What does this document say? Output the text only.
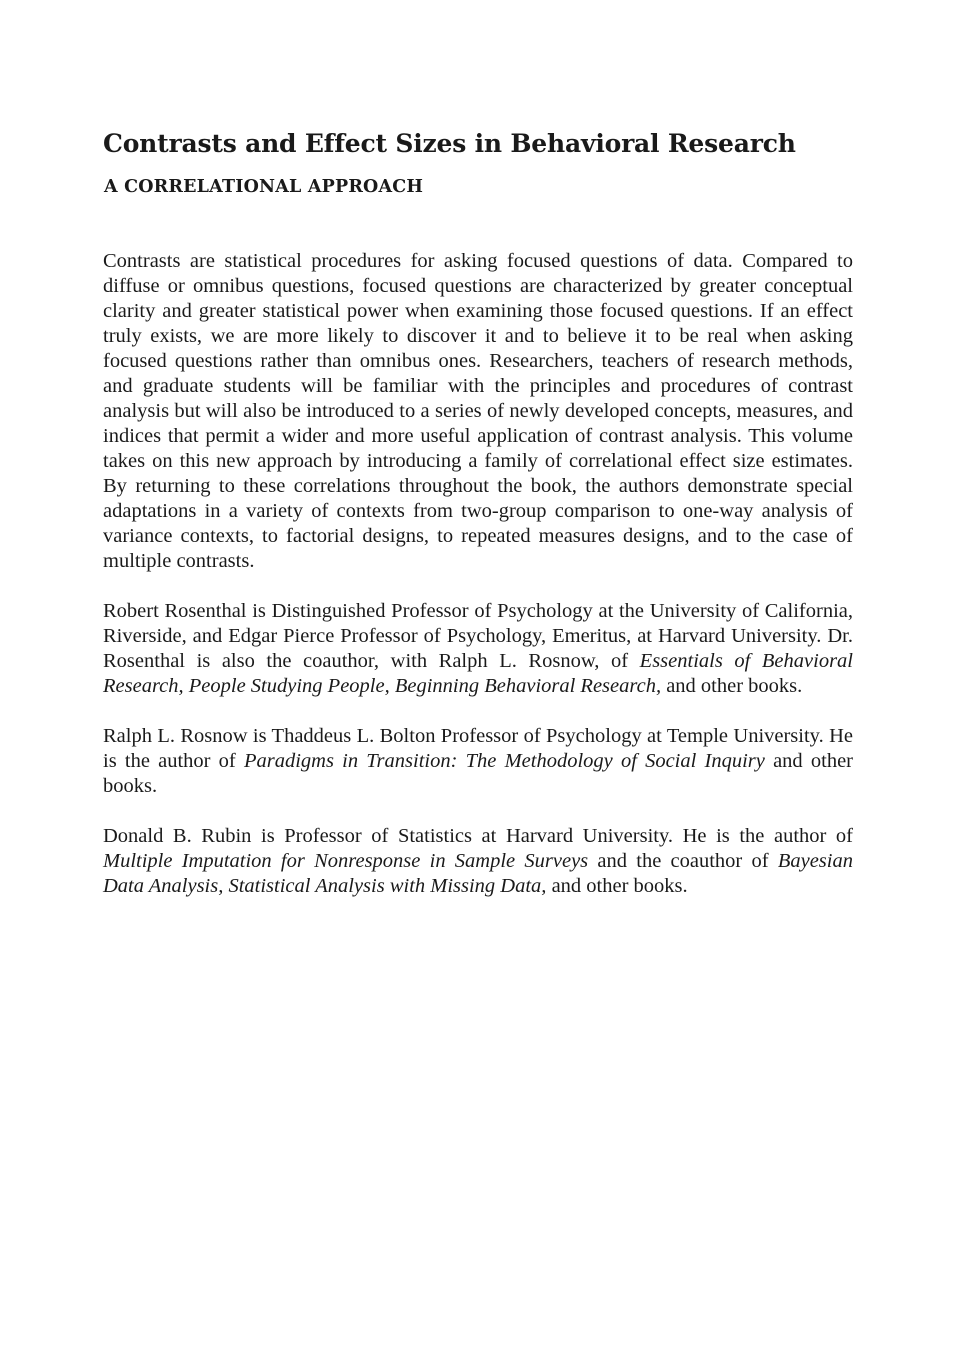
Contrasts and Effect Sizes in Behavioral Research
A CORRELATIONAL APPROACH

Contrasts are statistical procedures for asking focused questions of data. Compared to diffuse or omnibus questions, focused questions are characterized by greater conceptual clarity and greater statistical power when examining those focused questions. If an effect truly exists, we are more likely to discover it and to believe it to be real when asking focused questions rather than omnibus ones. Researchers, teachers of research methods, and graduate students will be familiar with the principles and procedures of contrast analysis but will also be introduced to a series of newly developed concepts, measures, and indices that permit a wider and more useful application of contrast analysis. This volume takes on this new approach by introducing a family of correlational effect size estimates. By returning to these correlations throughout the book, the authors demonstrate special adaptations in a variety of contexts from two-group comparison to one-way analysis of variance contexts, to factorial designs, to repeated measures designs, and to the case of multiple contrasts.

Robert Rosenthal is Distinguished Professor of Psychology at the University of California, Riverside, and Edgar Pierce Professor of Psychology, Emeritus, at Harvard University. Dr. Rosenthal is also the coauthor, with Ralph L. Rosnow, of Essentials of Behavioral Research, People Studying People, Beginning Behavioral Research, and other books.

Ralph L. Rosnow is Thaddeus L. Bolton Professor of Psychology at Temple University. He is the author of Paradigms in Transition: The Methodology of Social Inquiry and other books.

Donald B. Rubin is Professor of Statistics at Harvard University. He is the author of Multiple Imputation for Nonresponse in Sample Surveys and the coauthor of Bayesian Data Analysis, Statistical Analysis with Missing Data, and other books.
